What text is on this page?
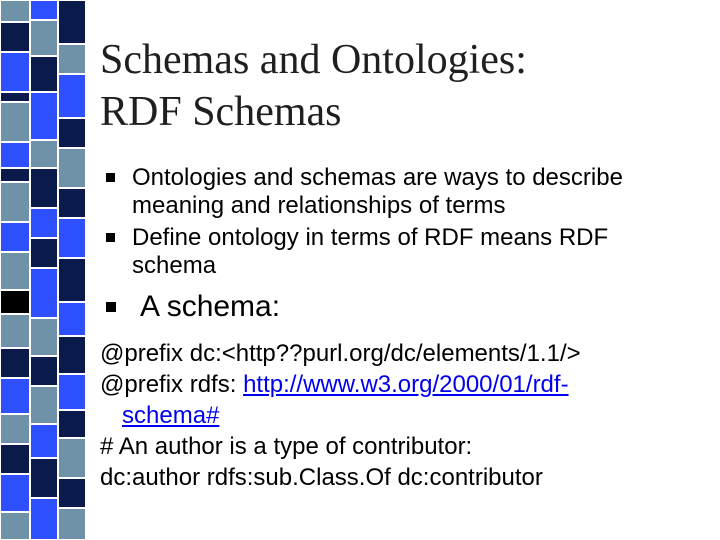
Schemas and Ontologies:
RDF Schemas
Ontologies and schemas are ways to describe
meaning and relationships of terms
Define ontology in terms of RDF means RDF
schema
A schema:
@prefix dc:<http??purl.org/dc/elements/1.1/>
@prefix rdfs: http://www.w3.org/2000/01/rdf-
schema#
# An author is a type of contributor:
dc:author rdfs:sub.Class.Of dc:contributor
